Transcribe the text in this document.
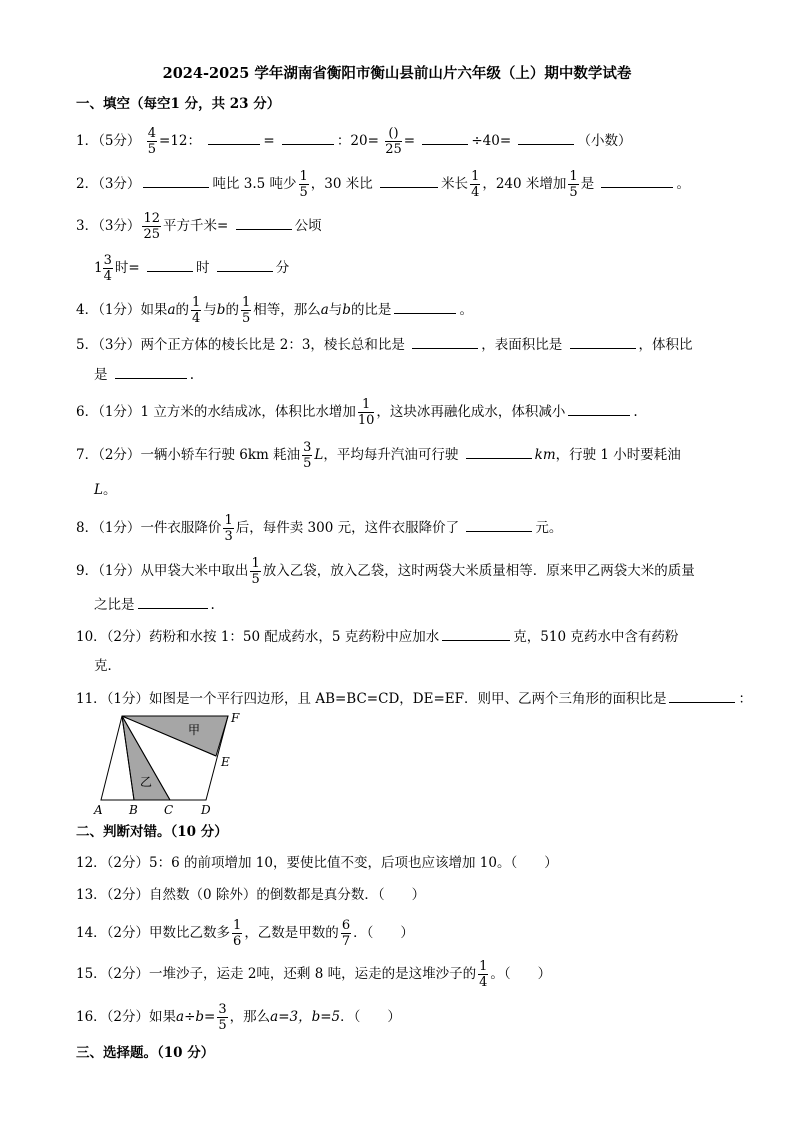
2024-2025 学年湖南省衡阳市衡山县前山片六年级（上）期中数学试卷
一、填空（每空1 分，共 23 分）
1．（5分） $\frac{4}{5} =12$：	=	：$20= \frac{()}{25}$ =	÷40=	（小数）
2．（3分）	吨比 3.5 吨少 $\frac{1}{5}$ ，30 米比	米长 $\frac{1}{4}$ ，240 米增加 $\frac{1}{5}$ 是	。
3．（3分） $\frac{12}{25}$ 平方千米=	公顷
$1 \frac{3}{4}$ 时=	时	分
4．（1分）如果a的 $\frac{1}{4}$ 与b的 $\frac{1}{5}$ 相等，那么a与b的比是	。
5．（3分）两个正方体的棱长比是 2：3，棱长总和比是	，表面积比是	，体积比
是	.
6．（1分）1 立方米的水结成冰，体积比水增加 $\frac{1}{10}$ ，这块冰再融化成水，体积减小	.
7．（2分）一辆小轿车行驶 6km 耗油 $\frac{3}{5}$ L，平均每升汽油可行驶	km，行驶 1 小时要耗油
L。
8．（1分）一件衣服降价 $\frac{1}{3}$ 后，每件卖 300 元，这件衣服降价了	元。
9．（1分）从甲袋大米中取出 $\frac{1}{5}$ 放入乙袋，放入乙袋，这时两袋大米质量相等．原来甲乙两袋大米的质量
之比是	.
10．（2分）药粉和水按 1：50 配成药水，5 克药粉中应加水	克，510 克药水中含有药粉
克．
11．（1分）如图是一个平行四边形，且 AB=BC=CD，DE=EF．则甲、乙两个三角形的面积比是	：
甲
乙
A B C D
E
F
二、判断对错。（10 分）
12．（2分）5：6 的前项增加 10，要使比值不变，后项也应该增加 10。（　　）
13．（2分）自然数（0 除外）的倒数都是真分数．（　　）
14．（2分）甲数比乙数多 $\frac{1}{6}$ ，乙数是甲数的 $\frac{6}{7}$ ．（　　）
15．（2分）一堆沙子，运走 2吨，还剩 8 吨，运走的是这堆沙子的 $\frac{1}{4}$ 。（　　）
16．（2分）如果$a\div b= \frac{3}{5}$ ，那么a=3，b=5．（　　）
三、选择题。（10 分）
